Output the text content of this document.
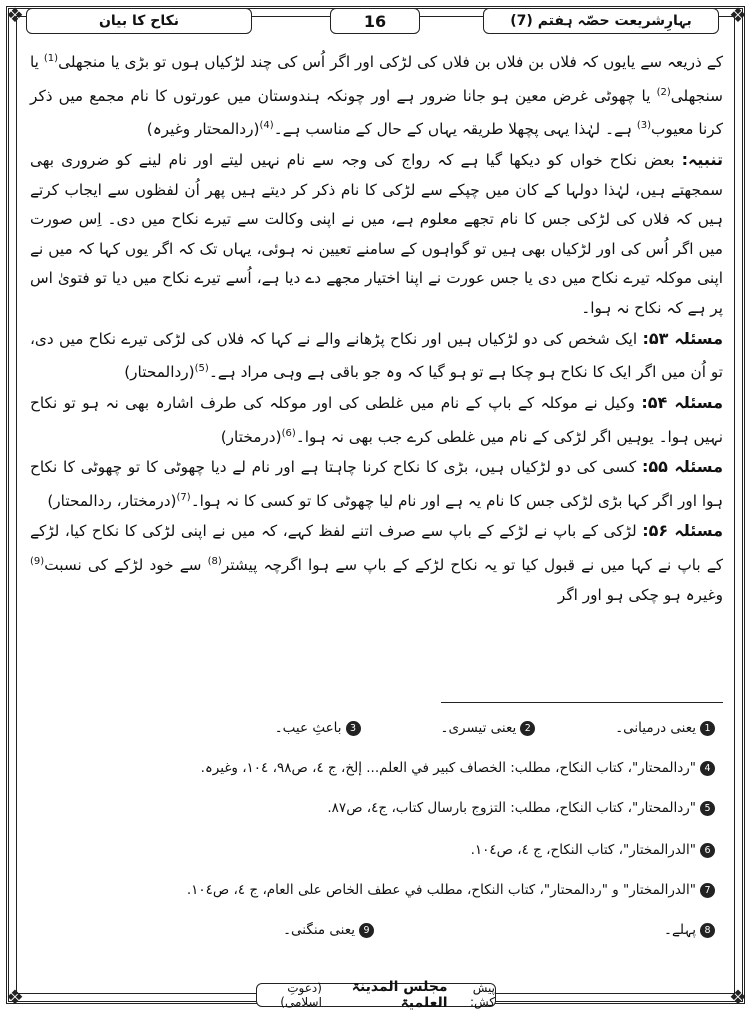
❖	❖
❖	❖
بہارِشریعت حصّہ ہفتم (7)
16
نکاح کا بیان

کے ذریعہ سے یایوں کہ فلاں بن فلاں بن فلاں کی لڑکی اور اگر اُس کی چند لڑکیاں ہوں تو بڑی یا منجھلی$^{(1)}$ یا سنجھلی$^{(2)}$ یا چھوٹی غرض معین ہو جانا ضرور ہے اور چونکہ ہندوستان میں عورتوں کا نام مجمع میں ذکر کرنا معیوب$^{(3)}$ ہے۔ لہٰذا یہی پچھلا طریقہ یہاں کے حال کے مناسب ہے۔$^{(4)}$(ردالمحتار وغیرہ)

تنبیہ: بعض نکاح خواں کو دیکھا گیا ہے کہ رواج کی وجہ سے نام نہیں لیتے اور نام لینے کو ضروری بھی سمجھتے ہیں، لہٰذا دولہا کے کان میں چپکے سے لڑکی کا نام ذکر کر دیتے ہیں پھر اُن لفظوں سے ایجاب کرتے ہیں کہ فلاں کی لڑکی جس کا نام تجھے معلوم ہے، میں نے اپنی وکالت سے تیرے نکاح میں دی۔ اِس صورت میں اگر اُس کی اور لڑکیاں بھی ہیں تو گواہوں کے سامنے تعیین نہ ہوئی، یہاں تک کہ اگر یوں کہا کہ میں نے اپنی موکلہ تیرے نکاح میں دی یا جس عورت نے اپنا اختیار مجھے دے دیا ہے، اُسے تیرے نکاح میں دیا تو فتویٰ اس پر ہے کہ نکاح نہ ہوا۔

مسئلہ ۵۳: ایک شخص کی دو لڑکیاں ہیں اور نکاح پڑھانے والے نے کہا کہ فلاں کی لڑکی تیرے نکاح میں دی، تو اُن میں اگر ایک کا نکاح ہو چکا ہے تو ہو گیا کہ وہ جو باقی ہے وہی مراد ہے۔$^{(5)}$(ردالمحتار)

مسئلہ ۵۴: وکیل نے موکلہ کے باپ کے نام میں غلطی کی اور موکلہ کی طرف اشارہ بھی نہ ہو تو نکاح نہیں ہوا۔ یوہیں اگر لڑکی کے نام میں غلطی کرے جب بھی نہ ہوا۔$^{(6)}$(درمختار)

مسئلہ ۵۵: کسی کی دو لڑکیاں ہیں، بڑی کا نکاح کرنا چاہتا ہے اور نام لے دیا چھوٹی کا تو چھوٹی کا نکاح ہوا اور اگر کہا بڑی لڑکی جس کا نام یہ ہے اور نام لیا چھوٹی کا تو کسی کا نہ ہوا۔$^{(7)}$(درمختار، ردالمحتار)

مسئلہ ۵۶: لڑکی کے باپ نے لڑکے کے باپ سے صرف اتنے لفظ کہے، کہ میں نے اپنی لڑکی کا نکاح کیا، لڑکے کے باپ نے کہا میں نے قبول کیا تو یہ نکاح لڑکے کے باپ سے ہوا اگرچہ پیشتر$^{(8)}$ سے خود لڑکے کی نسبت$^{(9)}$ وغیرہ ہو چکی ہو اور اگر

1
یعنی درمیانی۔
2
یعنی تیسری۔
3
باعثِ عیب۔
4
"ردالمحتار"، کتاب النکاح، مطلب: الخصاف کبیر في العلم... إلخ، ج ٤، ص٩٨، ١٠٤، وغیرہ.
5
"ردالمحتار"، کتاب النکاح، مطلب: التزوج بارسال کتاب، ج٤، ص٨٧.
6
"الدرالمختار"، کتاب النکاح، ج ٤، ص١٠٤.
7
"الدرالمختار" و "ردالمحتار"، کتاب النکاح، مطلب في عطف الخاص علی العام، ج ٤، ص١٠٤.
8
پہلے۔
9
یعنی منگنی۔
پیش کش:
مجلس المدینۃ العلمیۃ
(دعوتِ اسلامی)
